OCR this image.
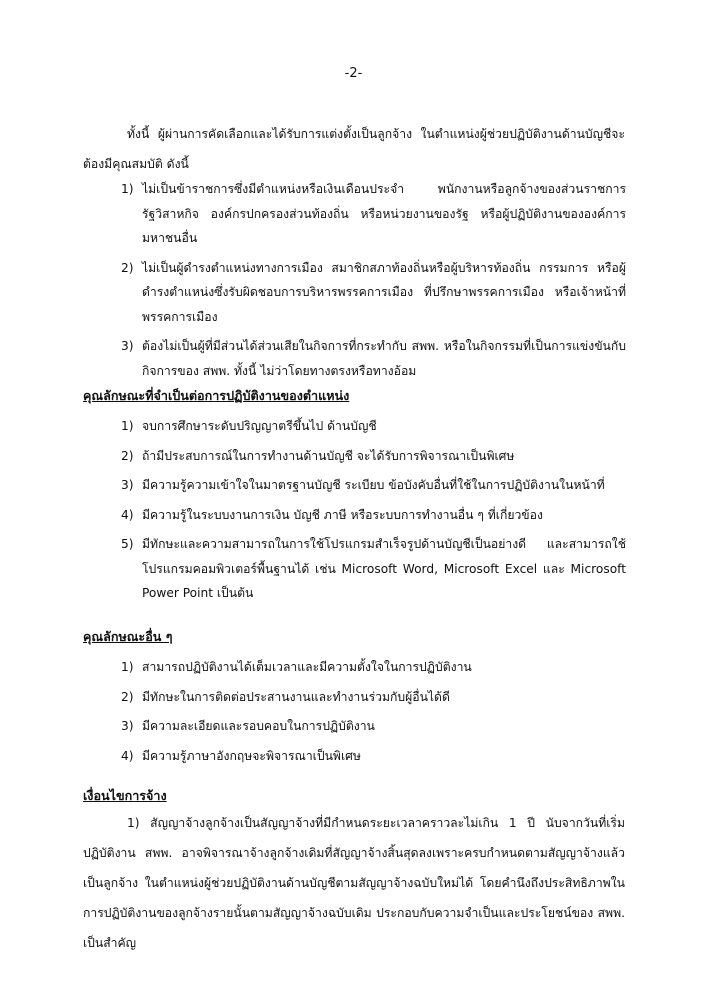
-2-
ทั้งนี้ ผู้ผ่านการคัดเลือกและได้รับการแต่งตั้งเป็นลูกจ้าง ในตำแหน่งผู้ช่วยปฏิบัติงานด้านบัญชีจะต้องมีคุณสมบัติ ดังนี้
1) ไม่เป็นข้าราชการซึ่งมีตำแหน่งหรือเงินเดือนประจำ พนักงานหรือลูกจ้างของส่วนราชการ รัฐวิสาหกิจ องค์กรปกครองส่วนท้องถิ่น หรือหน่วยงานของรัฐ หรือผู้ปฏิบัติงานขององค์การมหาชนอื่น
2) ไม่เป็นผู้ดำรงตำแหน่งทางการเมือง สมาชิกสภาท้องถิ่นหรือผู้บริหารท้องถิ่น กรรมการ หรือผู้ดำรงตำแหน่งซึ่งรับผิดชอบการบริหารพรรคการเมือง ที่ปรึกษาพรรคการเมือง หรือเจ้าหน้าที่พรรคการเมือง
3) ต้องไม่เป็นผู้ที่มีส่วนได้ส่วนเสียในกิจการที่กระทำกับ สพพ. หรือในกิจกรรมที่เป็นการแข่งขันกับกิจการของ สพพ. ทั้งนี้ ไม่ว่าโดยทางตรงหรือทางอ้อม
คุณลักษณะที่จำเป็นต่อการปฏิบัติงานของตำแหน่ง
1) จบการศึกษาระดับปริญญาตรีขึ้นไป ด้านบัญชี
2) ถ้ามีประสบการณ์ในการทำงานด้านบัญชี จะได้รับการพิจารณาเป็นพิเศษ
3) มีความรู้ความเข้าใจในมาตรฐานบัญชี ระเบียบ ข้อบังคับอื่นที่ใช้ในการปฏิบัติงานในหน้าที่
4) มีความรู้ในระบบงานการเงิน บัญชี ภาษี หรือระบบการทำงานอื่น ๆ ที่เกี่ยวข้อง
5) มีทักษะและความสามารถในการใช้โปรแกรมสำเร็จรูปด้านบัญชีเป็นอย่างดี และสามารถใช้โปรแกรมคอมพิวเตอร์พื้นฐานได้ เช่น Microsoft Word, Microsoft Excel และ Microsoft Power Point เป็นต้น
คุณลักษณะอื่น ๆ
1) สามารถปฏิบัติงานได้เต็มเวลาและมีความตั้งใจในการปฏิบัติงาน
2) มีทักษะในการติดต่อประสานงานและทำงานร่วมกับผู้อื่นได้ดี
3) มีความละเอียดและรอบคอบในการปฏิบัติงาน
4) มีความรู้ภาษาอังกฤษจะพิจารณาเป็นพิเศษ
เงื่อนไขการจ้าง
1) สัญญาจ้างลูกจ้างเป็นสัญญาจ้างที่มีกำหนดระยะเวลาคราวละไม่เกิน 1 ปี นับจากวันที่เริ่มปฏิบัติงาน สพพ. อาจพิจารณาจ้างลูกจ้างเดิมที่สัญญาจ้างสิ้นสุดลงเพราะครบกำหนดตามสัญญาจ้างแล้วเป็นลูกจ้าง ในตำแหน่งผู้ช่วยปฏิบัติงานด้านบัญชีตามสัญญาจ้างฉบับใหม่ได้ โดยคำนึงถึงประสิทธิภาพในการปฏิบัติงานของลูกจ้างรายนั้นตามสัญญาจ้างฉบับเดิม ประกอบกับความจำเป็นและประโยชน์ของ สพพ. เป็นสำคัญ
